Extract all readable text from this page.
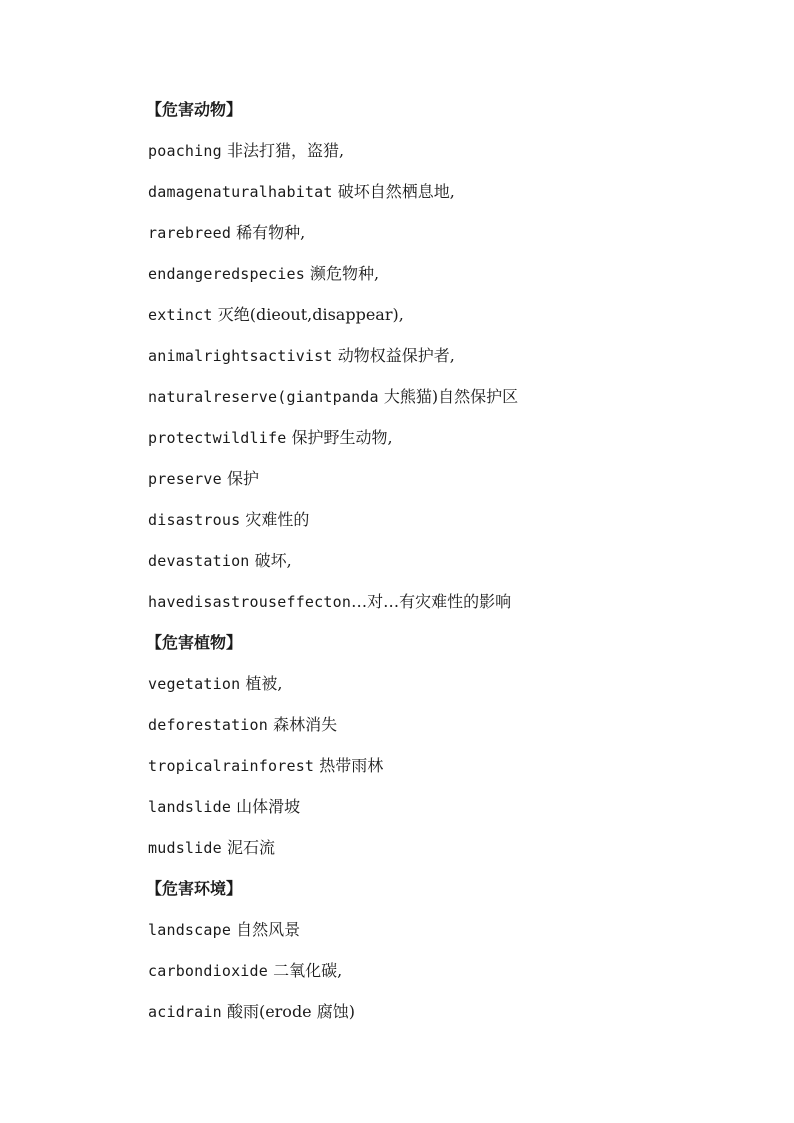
【危害动物】
poaching 非法打猎，盗猎,
damagenaturalhabitat 破坏自然栖息地,
rarebreed 稀有物种,
endangeredspecies 濒危物种,
extinct 灭绝(dieout,disappear),
animalrightsactivist 动物权益保护者,
naturalreserve(giantpanda 大熊猫)自然保护区
protectwildlife 保护野生动物,
preserve 保护
disastrous 灾难性的
devastation 破坏,
havedisastrouseffecton…对…有灾难性的影响
【危害植物】
vegetation 植被,
deforestation 森林消失
tropicalrainforest 热带雨林
landslide 山体滑坡
mudslide 泥石流
【危害环境】
landscape 自然风景
carbondioxide 二氧化碳,
acidrain 酸雨(erode 腐蚀)
